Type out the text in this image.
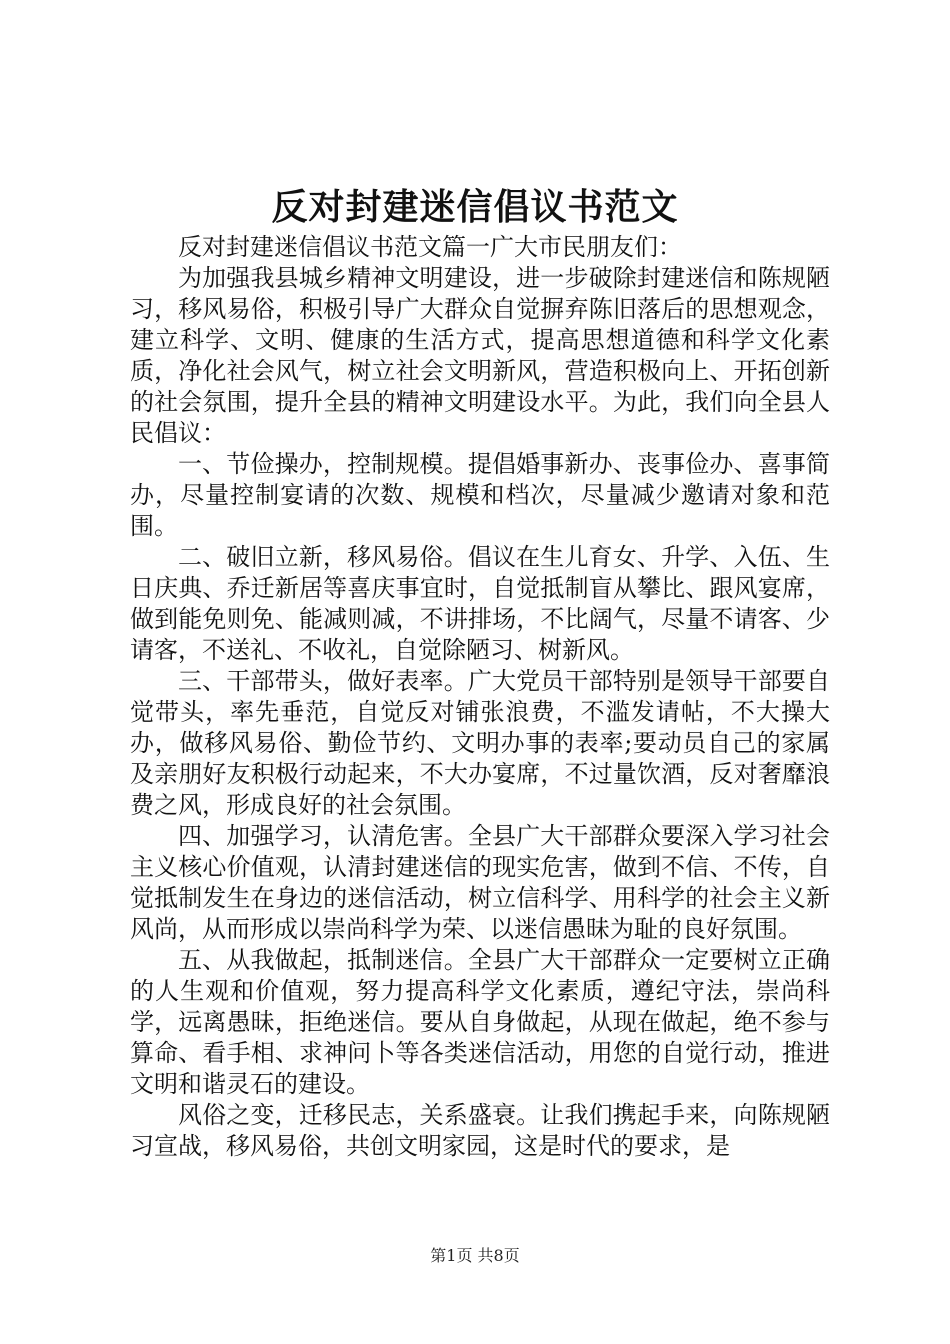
反对封建迷信倡议书范文

反对封建迷信倡议书范文篇一广大市民朋友们：

为加强我县城乡精神文明建设，进一步破除封建迷信和陈规陋习，移风易俗，积极引导广大群众自觉摒弃陈旧落后的思想观念，建立科学、文明、健康的生活方式，提高思想道德和科学文化素质，净化社会风气，树立社会文明新风，营造积极向上、开拓创新的社会氛围，提升全县的精神文明建设水平。为此，我们向全县人民倡议：

一、节俭操办，控制规模。提倡婚事新办、丧事俭办、喜事简办，尽量控制宴请的次数、规模和档次，尽量减少邀请对象和范围。

二、破旧立新，移风易俗。倡议在生儿育女、升学、入伍、生日庆典、乔迁新居等喜庆事宜时，自觉抵制盲从攀比、跟风宴席，做到能免则免、能减则减，不讲排场，不比阔气，尽量不请客、少请客，不送礼、不收礼，自觉除陋习、树新风。

三、干部带头，做好表率。广大党员干部特别是领导干部要自觉带头，率先垂范，自觉反对铺张浪费，不滥发请帖，不大操大办，做移风易俗、勤俭节约、文明办事的表率;要动员自己的家属及亲朋好友积极行动起来，不大办宴席，不过量饮酒，反对奢靡浪费之风，形成良好的社会氛围。

四、加强学习，认清危害。全县广大干部群众要深入学习社会主义核心价值观，认清封建迷信的现实危害，做到不信、不传，自觉抵制发生在身边的迷信活动，树立信科学、用科学的社会主义新风尚，从而形成以崇尚科学为荣、以迷信愚昧为耻的良好氛围。

五、从我做起，抵制迷信。全县广大干部群众一定要树立正确的人生观和价值观，努力提高科学文化素质，遵纪守法，崇尚科学，远离愚昧，拒绝迷信。要从自身做起，从现在做起，绝不参与算命、看手相、求神问卜等各类迷信活动，用您的自觉行动，推进文明和谐灵石的建设。

风俗之变，迁移民志，关系盛衰。让我们携起手来，向陈规陋习宣战，移风易俗，共创文明家园，这是时代的要求，是

第1页 共8页
